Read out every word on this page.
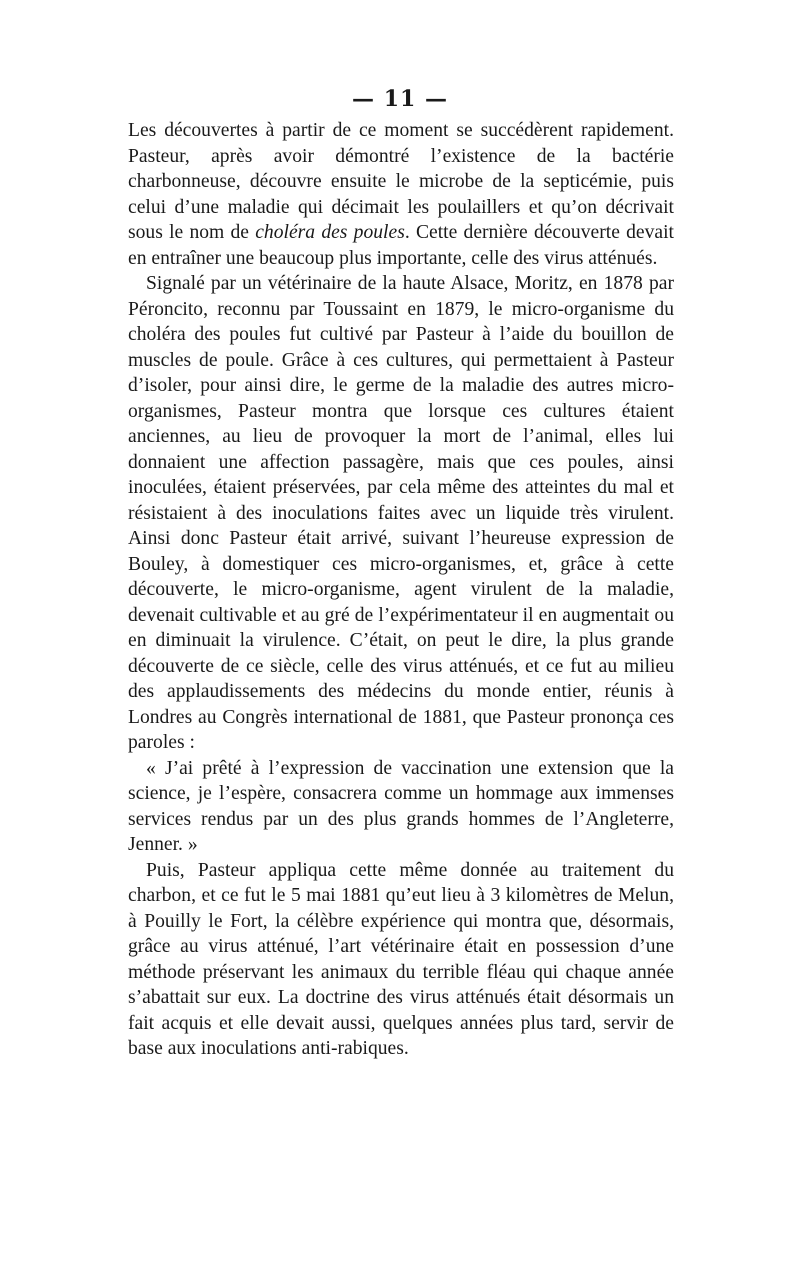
— 11 —

Les découvertes à partir de ce moment se succédèrent rapidement. Pasteur, après avoir démontré l’existence de la bactérie charbonneuse, découvre ensuite le microbe de la septicémie, puis celui d’une maladie qui décimait les poulaillers et qu’on décrivait sous le nom de choléra des poules. Cette dernière découverte devait en entraîner une beaucoup plus importante, celle des virus atténués.

Signalé par un vétérinaire de la haute Alsace, Moritz, en 1878 par Péroncito, reconnu par Toussaint en 1879, le micro-organisme du choléra des poules fut cultivé par Pasteur à l’aide du bouillon de muscles de poule. Grâce à ces cultures, qui permettaient à Pasteur d’isoler, pour ainsi dire, le germe de la maladie des autres micro-organismes, Pasteur montra que lorsque ces cultures étaient anciennes, au lieu de provoquer la mort de l’animal, elles lui donnaient une affection passagère, mais que ces poules, ainsi inoculées, étaient préservées, par cela même des atteintes du mal et résistaient à des inoculations faites avec un liquide très virulent. Ainsi donc Pasteur était arrivé, suivant l’heureuse expression de Bouley, à domestiquer ces micro-organismes, et, grâce à cette découverte, le micro-organisme, agent virulent de la maladie, devenait cultivable et au gré de l’expérimentateur il en augmentait ou en diminuait la virulence. C’était, on peut le dire, la plus grande découverte de ce siècle, celle des virus atténués, et ce fut au milieu des applaudissements des médecins du monde entier, réunis à Londres au Congrès international de 1881, que Pasteur prononça ces paroles :

« J’ai prêté à l’expression de vaccination une extension que la science, je l’espère, consacrera comme un hommage aux immenses services rendus par un des plus grands hommes de l’Angleterre, Jenner. »

Puis, Pasteur appliqua cette même donnée au traitement du charbon, et ce fut le 5 mai 1881 qu’eut lieu à 3 kilomètres de Melun, à Pouilly le Fort, la célèbre expérience qui montra que, désormais, grâce au virus atténué, l’art vétérinaire était en possession d’une méthode préservant les animaux du terrible fléau qui chaque année s’abattait sur eux. La doctrine des virus atténués était désormais un fait acquis et elle devait aussi, quelques années plus tard, servir de base aux inoculations anti-rabiques.
